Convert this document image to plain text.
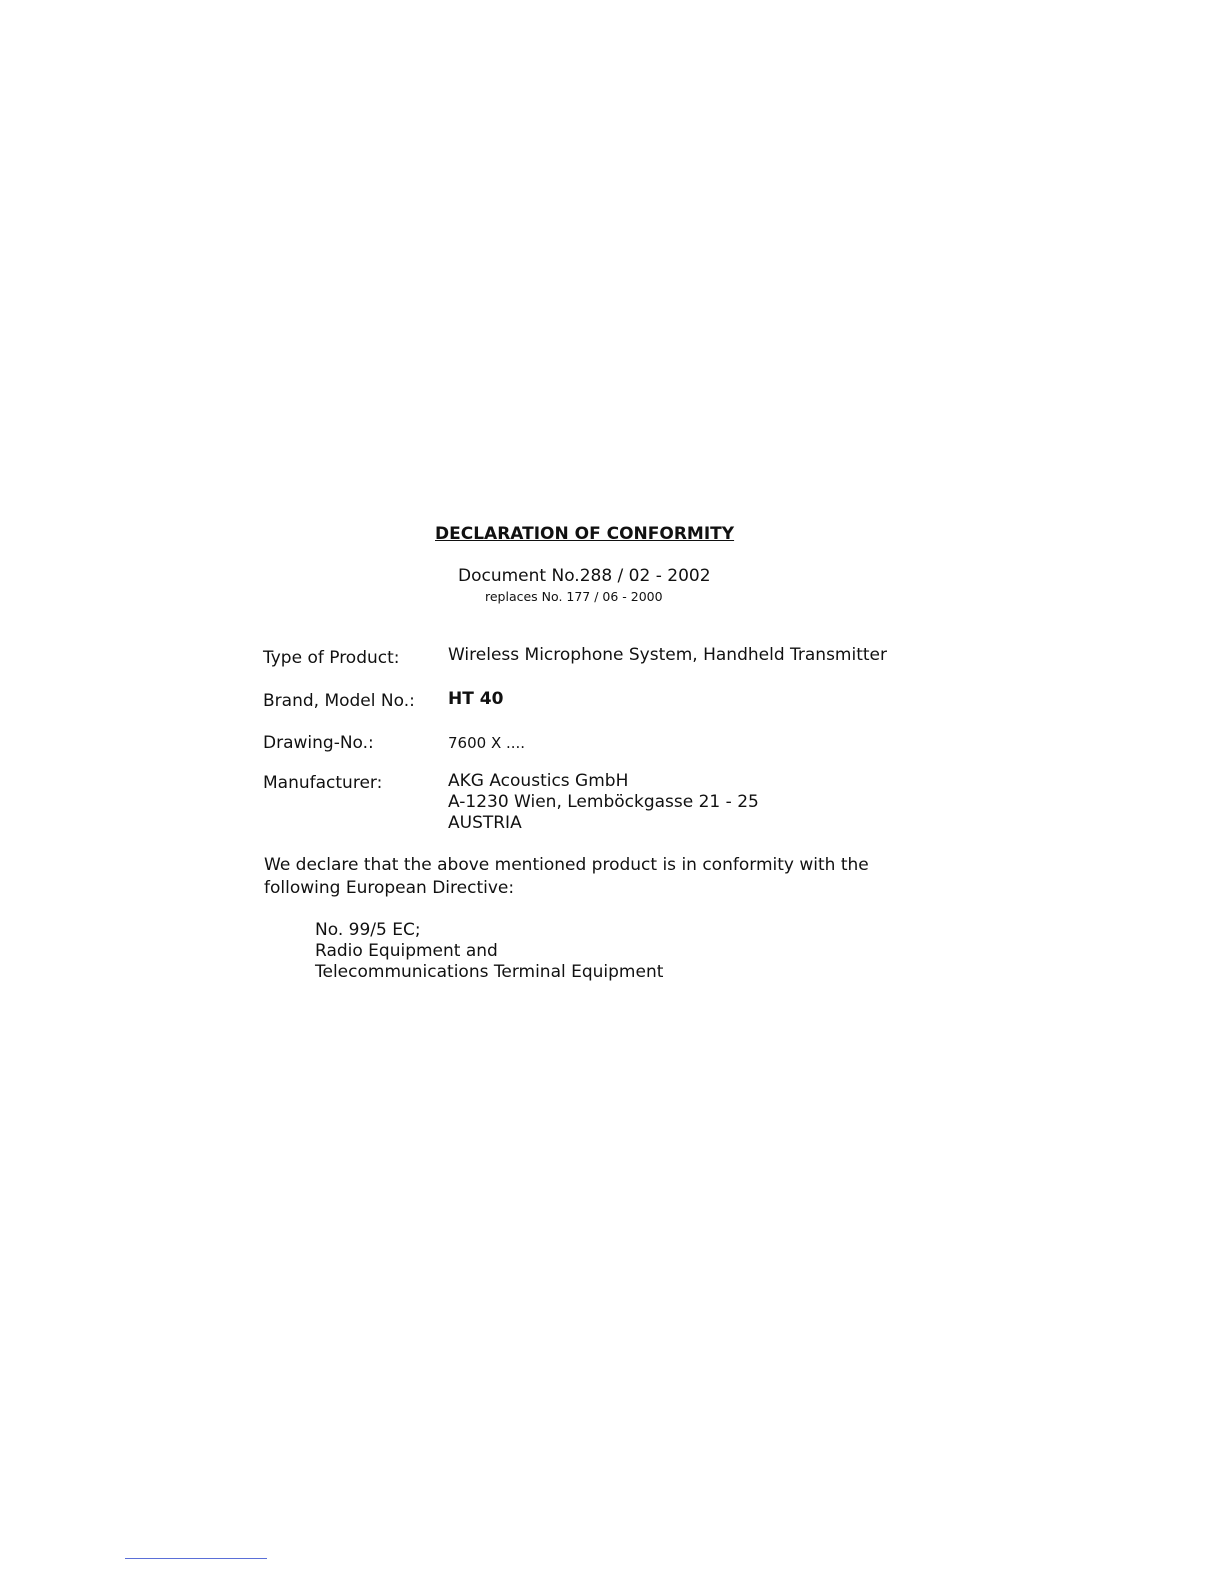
DECLARATION OF CONFORMITY
Document No.288 / 02 - 2002
replaces No. 177 / 06 - 2000
Type of Product:	Wireless Microphone System, Handheld Transmitter
Brand, Model No.: HT 40
Drawing-No.:	7600 X ....
Manufacturer:	AKG Acoustics GmbH
A-1230 Wien, Lemböckgasse 21 - 25
AUSTRIA
We declare that the above mentioned product is in conformity with the
following European Directive:
No. 99/5 EC;
Radio Equipment and
Telecommunications Terminal Equipment
